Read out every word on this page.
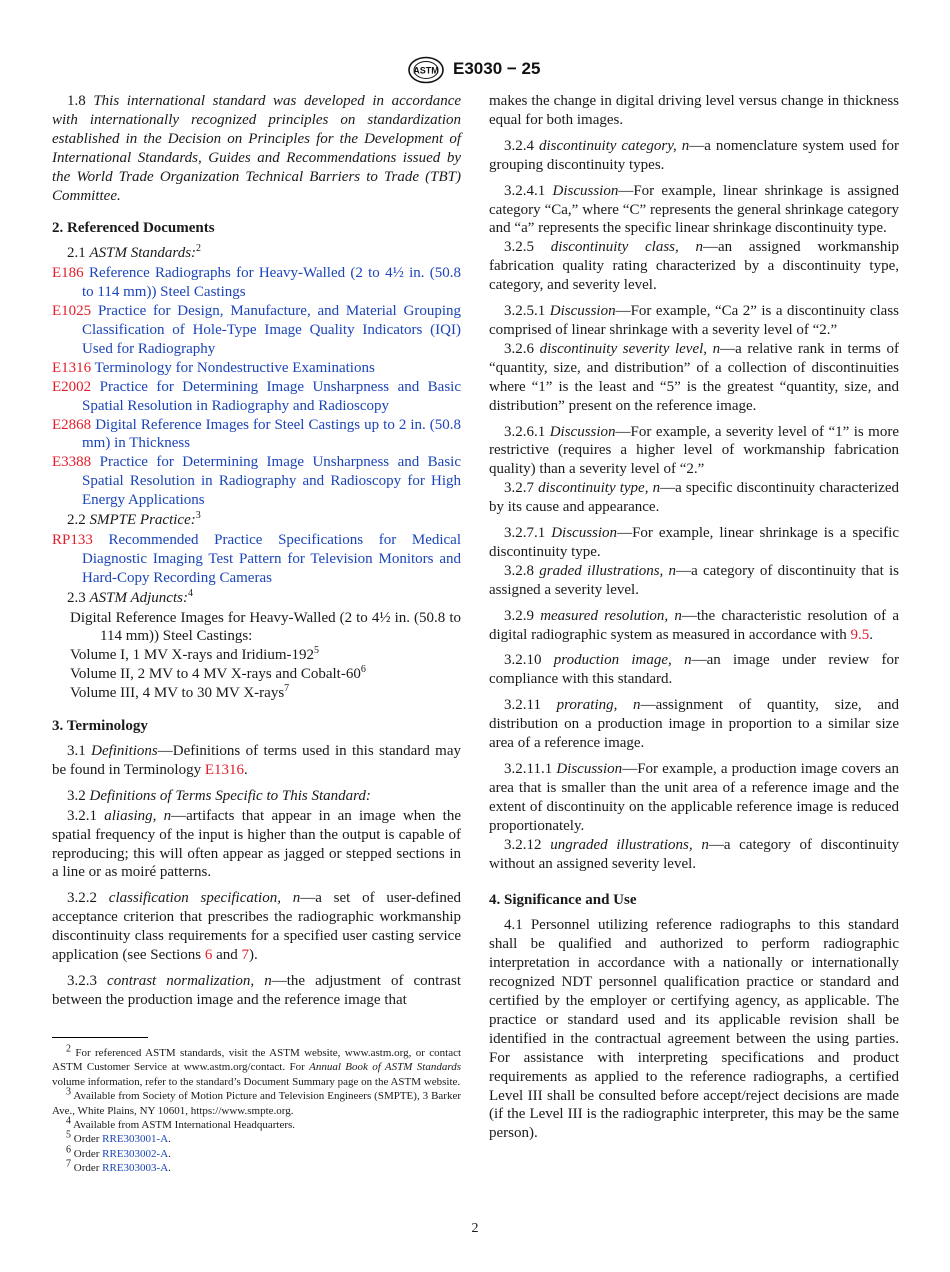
ASTM E3030 − 25

1.8 This international standard was developed in accordance with internationally recognized principles on standardization established in the Decision on Principles for the Development of International Standards, Guides and Recommendations issued by the World Trade Organization Technical Barriers to Trade (TBT) Committee.

2. Referenced Documents

2.1 ASTM Standards:$^2$

E186 Reference Radiographs for Heavy-Walled (2 to 4½ in. (50.8 to 114 mm)) Steel Castings

E1025 Practice for Design, Manufacture, and Material Grouping Classification of Hole-Type Image Quality Indicators (IQI) Used for Radiography

E1316 Terminology for Nondestructive Examinations

E2002 Practice for Determining Image Unsharpness and Basic Spatial Resolution in Radiography and Radioscopy

E2868 Digital Reference Images for Steel Castings up to 2 in. (50.8 mm) in Thickness

E3388 Practice for Determining Image Unsharpness and Basic Spatial Resolution in Radiography and Radioscopy for High Energy Applications

2.2 SMPTE Practice:$^3$

RP133 Recommended Practice Specifications for Medical Diagnostic Imaging Test Pattern for Television Monitors and Hard-Copy Recording Cameras

2.3 ASTM Adjuncts:$^4$

Digital Reference Images for Heavy-Walled (2 to 4½ in. (50.8 to 114 mm)) Steel Castings:

Volume I, 1 MV X-rays and Iridium-$192^5$

Volume II, 2 MV to 4 MV X-rays and Cobalt-$60^6$

Volume III, 4 MV to 30 MV X-rays$^7$

3. Terminology

3.1 Definitions—Definitions of terms used in this standard may be found in Terminology E1316.

3.2 Definitions of Terms Specific to This Standard:

3.2.1 aliasing, n—artifacts that appear in an image when the spatial frequency of the input is higher than the output is capable of reproducing; this will often appear as jagged or stepped sections in a line or as moiré patterns.

3.2.2 classification specification, n—a set of user-defined acceptance criterion that prescribes the radiographic workmanship discontinuity class requirements for a specified user casting service application (see Sections 6 and 7).

3.2.3 contrast normalization, n—the adjustment of contrast between the production image and the reference image that

makes the change in digital driving level versus change in thickness equal for both images.

3.2.4 discontinuity category, n—a nomenclature system used for grouping discontinuity types.

3.2.4.1 Discussion—For example, linear shrinkage is assigned category “Ca,” where “C” represents the general shrinkage category and “a” represents the specific linear shrinkage discontinuity type.

3.2.5 discontinuity class, n—an assigned workmanship fabrication quality rating characterized by a discontinuity type, category, and severity level.

3.2.5.1 Discussion—For example, “Ca 2” is a discontinuity class comprised of linear shrinkage with a severity level of “2.”

3.2.6 discontinuity severity level, n—a relative rank in terms of “quantity, size, and distribution” of a collection of discontinuities where “1” is the least and “5” is the greatest “quantity, size, and distribution” present on the reference image.

3.2.6.1 Discussion—For example, a severity level of “1” is more restrictive (requires a higher level of workmanship fabrication quality) than a severity level of “2.”

3.2.7 discontinuity type, n—a specific discontinuity characterized by its cause and appearance.

3.2.7.1 Discussion—For example, linear shrinkage is a specific discontinuity type.

3.2.8 graded illustrations, n—a category of discontinuity that is assigned a severity level.

3.2.9 measured resolution, n—the characteristic resolution of a digital radiographic system as measured in accordance with 9.5.

3.2.10 production image, n—an image under review for compliance with this standard.

3.2.11 prorating, n—assignment of quantity, size, and distribution on a production image in proportion to a similar size area of a reference image.

3.2.11.1 Discussion—For example, a production image covers an area that is smaller than the unit area of a reference image and the extent of discontinuity on the applicable reference image is reduced proportionately.

3.2.12 ungraded illustrations, n—a category of discontinuity without an assigned severity level.

4. Significance and Use

4.1 Personnel utilizing reference radiographs to this standard shall be qualified and authorized to perform radiographic interpretation in accordance with a nationally or internationally recognized NDT personnel qualification practice or standard and certified by the employer or certifying agency, as applicable. The practice or standard used and its applicable revision shall be identified in the contractual agreement between the using parties. For assistance with interpreting specifications and product requirements as applied to the reference radiographs, a certified Level III shall be consulted before accept/reject decisions are made (if the Level III is the radiographic interpreter, this may be the same person).

$^2$ For referenced ASTM standards, visit the ASTM website, www.astm.org, or contact ASTM Customer Service at www.astm.org/contact. For Annual Book of ASTM Standards volume information, refer to the standard’s Document Summary page on the ASTM website.

$^3$ Available from Society of Motion Picture and Television Engineers (SMPTE), 3 Barker Ave., White Plains, NY 10601, https://www.smpte.org.

$^4$ Available from ASTM International Headquarters.

$^5$ Order RRE303001-A.

$^6$ Order RRE303002-A.

$^7$ Order RRE303003-A.

2
